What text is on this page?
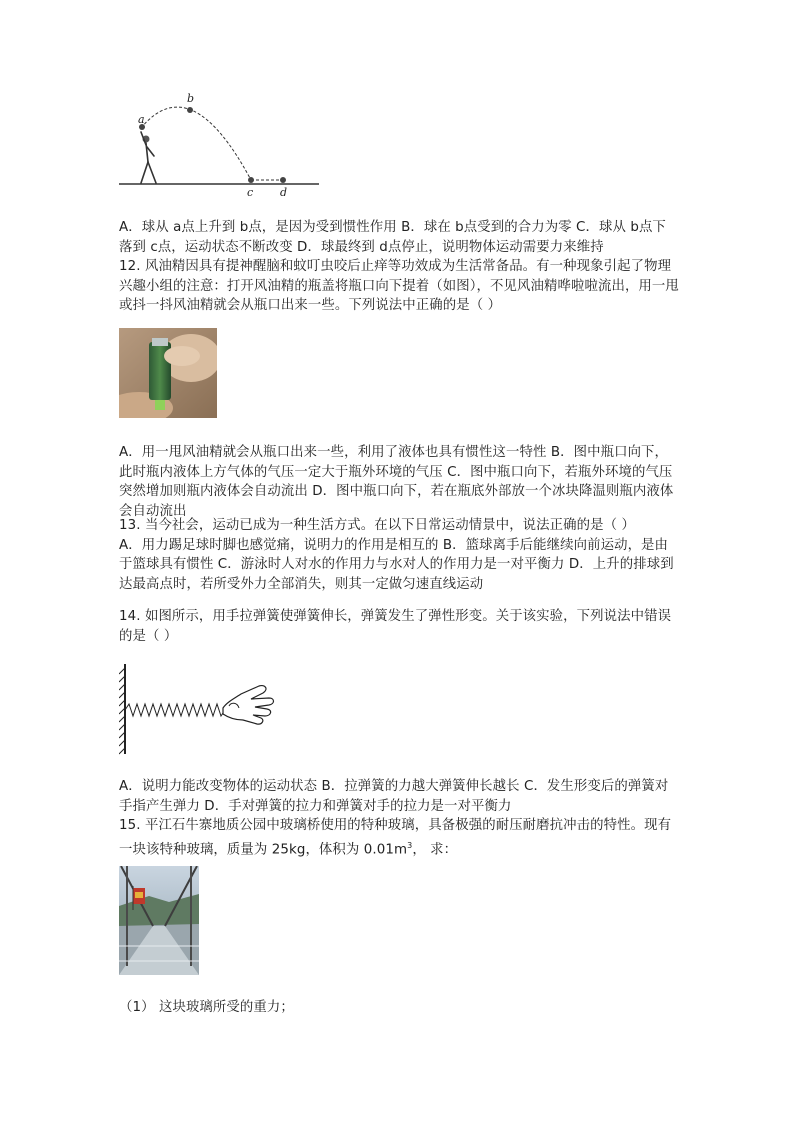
a
b
c d

A．球从 a点上升到 b点，是因为受到惯性作用 B．球在 b点受到的合力为零 C．球从 b点下落到 c点，运动状态不断改变 D．球最终到 d点停止，说明物体运动需要力来维持

12. 风油精因具有提神醒脑和蚊叮虫咬后止痒等功效成为生活常备品。有一种现象引起了物理兴趣小组的注意：打开风油精的瓶盖将瓶口向下提着（如图），不见风油精哗啦啦流出，用一甩或抖一抖风油精就会从瓶口出来一些。下列说法中正确的是（ ）

A．用一甩风油精就会从瓶口出来一些，利用了液体也具有惯性这一特性 B．图中瓶口向下，此时瓶内液体上方气体的气压一定大于瓶外环境的气压 C．图中瓶口向下，若瓶外环境的气压突然增加则瓶内液体会自动流出 D．图中瓶口向下，若在瓶底外部放一个冰块降温则瓶内液体会自动流出

13. 当今社会，运动已成为一种生活方式。在以下日常运动情景中，说法正确的是（ ）

A．用力踢足球时脚也感觉痛，说明力的作用是相互的 B．篮球离手后能继续向前运动，是由于篮球具有惯性 C．游泳时人对水的作用力与水对人的作用力是一对平衡力 D．上升的排球到达最高点时，若所受外力全部消失，则其一定做匀速直线运动

14. 如图所示，用手拉弹簧使弹簧伸长，弹簧发生了弹性形变。关于该实验，下列说法中错误的是（ ）

A．说明力能改变物体的运动状态 B．拉弹簧的力越大弹簧伸长越长 C．发生形变后的弹簧对手指产生弹力 D．手对弹簧的拉力和弹簧对手的拉力是一对平衡力

15. 平江石牛寨地质公园中玻璃桥使用的特种玻璃，具备极强的耐压耐磨抗冲击的特性。现有一块该特种玻璃，质量为 25kg，体积为 $0.01m^3$， 求：

（1） 这块玻璃所受的重力；
